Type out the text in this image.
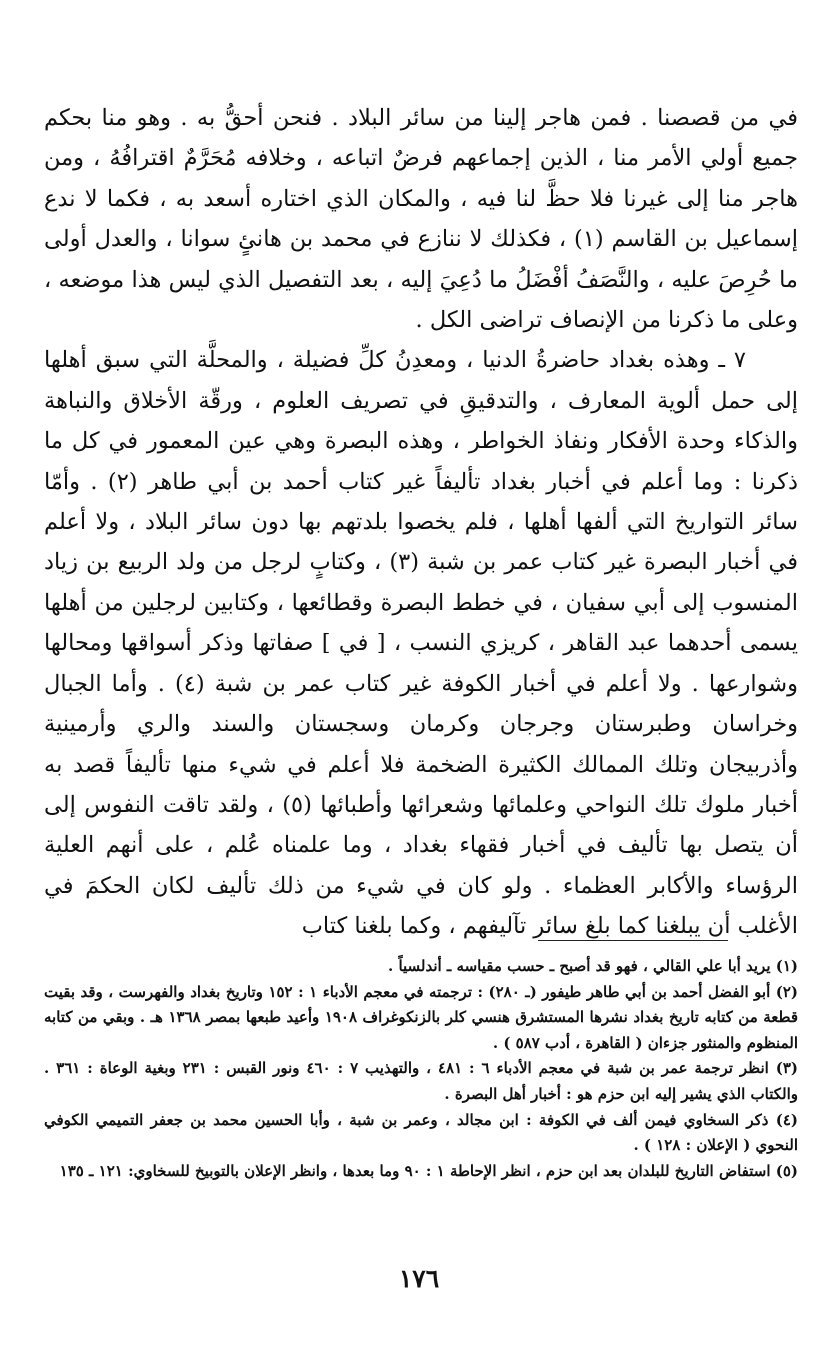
في من قصصنا . فمن هاجر إلينا من سائر البلاد . فنحن أحقُّ به . وهو منا بحكم جميع أولي الأمر منا ، الذين إجماعهم فرضٌ اتباعه ، وخلافه مُحَرَّمٌ اقترافُهُ ، ومن هاجر منا إلى غيرنا فلا حظَّ لنا فيه ، والمكان الذي اختاره أسعد به ، فكما لا ندع إسماعيل بن القاسم (١) ، فكذلك لا ننازع في محمد بن هانئٍ سوانا ، والعدل أولى ما حُرِصَ عليه ، والنَّصَفُ أفْضَلُ ما دُعِيَ إليه ، بعد التفصيل الذي ليس هذا موضعه ، وعلى ما ذكرنا من الإنصاف تراضى الكل .

٧ ـ وهذه بغداد حاضرةُ الدنيا ، ومعدِنُ كلِّ فضيلة ، والمحلَّة التي سبق أهلها إلى حمل ألوية المعارف ، والتدقيقِ في تصريف العلوم ، ورقّة الأخلاق والنباهة والذكاء وحدة الأفكار ونفاذ الخواطر ، وهذه البصرة وهي عين المعمور في كل ما ذكرنا : وما أعلم في أخبار بغداد تأليفاً غير كتاب أحمد بن أبي طاهر (٢) . وأمّا سائر التواريخ التي ألفها أهلها ، فلم يخصوا بلدتهم بها دون سائر البلاد ، ولا أعلم في أخبار البصرة غير كتاب عمر بن شبة (٣) ، وكتابٍ لرجل من ولد الربيع بن زياد المنسوب إلى أبي سفيان ، في خطط البصرة وقطائعها ، وكتابين لرجلين من أهلها يسمى أحدهما عبد القاهر ، كريزي النسب ، [ في ] صفاتها وذكر أسواقها ومحالها وشوارعها . ولا أعلم في أخبار الكوفة غير كتاب عمر بن شبة (٤) . وأما الجبال وخراسان وطبرستان وجرجان وكرمان وسجستان والسند والري وأرمينية وأذربيجان وتلك الممالك الكثيرة الضخمة فلا أعلم في شيء منها تأليفاً قصد به أخبار ملوك تلك النواحي وعلمائها وشعرائها وأطبائها (٥) ، ولقد تاقت النفوس إلى أن يتصل بها تأليف في أخبار فقهاء بغداد ، وما علمناه عُلم ، على أنهم العلية الرؤساء والأكابر العظماء . ولو كان في شيء من ذلك تأليف لكان الحكمَ في الأغلب أن يبلغنا كما بلغ سائر تآليفهم ، وكما بلغنا كتاب

(١) يريد أبا علي القالي ، فهو قد أصبح ـ حسب مقياسه ـ أندلسياً .

(٢) أبو الفضل أحمد بن أبي طاهر طيفور (ـ ٢٨٠) : ترجمته في معجم الأدباء ١ : ١٥٢ وتاريخ بغداد والفهرست ، وقد بقيت قطعة من كتابه تاريخ بغداد نشرها المستشرق هنسي كلر بالزنكوغراف ١٩٠٨ وأعيد طبعها بمصر ١٣٦٨ هـ . وبقي من كتابه المنظوم والمنثور جزءان ( القاهرة ، أدب ٥٨٧ ) .

(٣) انظر ترجمة عمر بن شبة في معجم الأدباء ٦ : ٤٨١ ، والتهذيب ٧ : ٤٦٠ ونور القبس : ٢٣١ وبغية الوعاة : ٣٦١ . والكتاب الذي يشير إليه ابن حزم هو : أخبار أهل البصرة .

(٤) ذكر السخاوي فيمن ألف في الكوفة : ابن مجالد ، وعمر بن شبة ، وأبا الحسين محمد بن جعفر التميمي الكوفي النحوي ( الإعلان : ١٢٨ ) .

(٥) استفاض التاريخ للبلدان بعد ابن حزم ، انظر الإحاطة ١ : ٩٠ وما بعدها ، وانظر الإعلان بالتوبيخ للسخاوي: ١٢١ ـ ١٣٥

١٧٦
